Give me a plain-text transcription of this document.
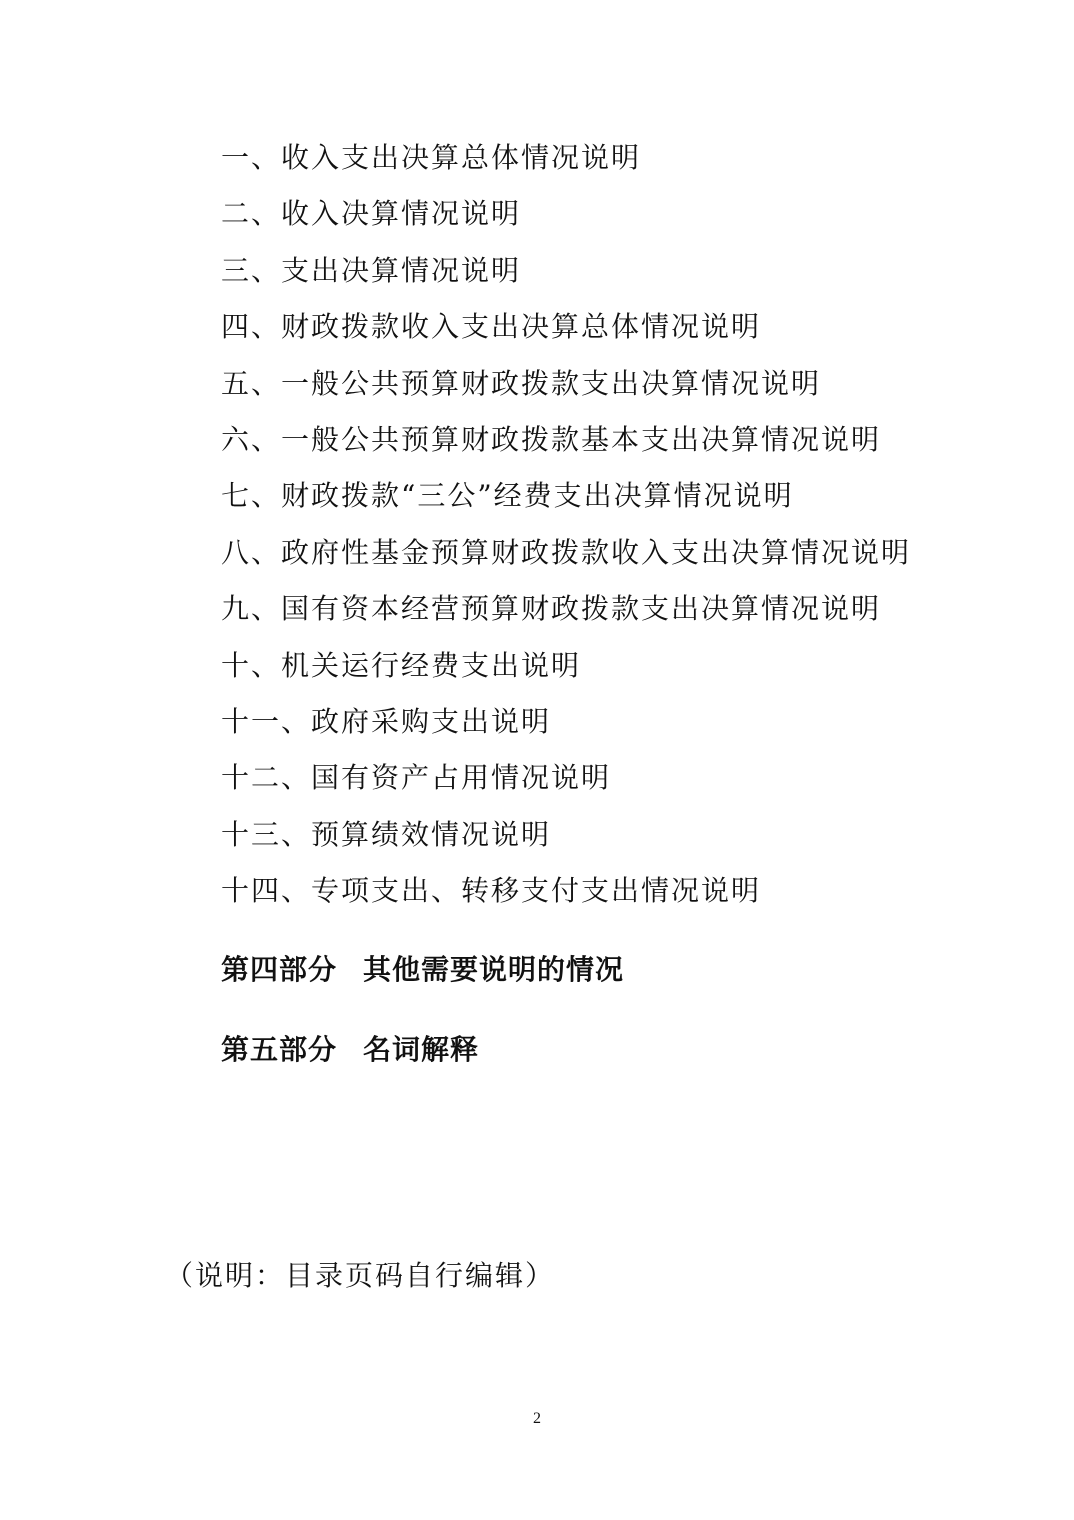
一、收入支出决算总体情况说明
二、收入决算情况说明
三、支出决算情况说明
四、财政拨款收入支出决算总体情况说明
五、一般公共预算财政拨款支出决算情况说明
六、一般公共预算财政拨款基本支出决算情况说明
七、财政拨款“三公”经费支出决算情况说明
八、政府性基金预算财政拨款收入支出决算情况说明
九、国有资本经营预算财政拨款支出决算情况说明
十、机关运行经费支出说明
十一、政府采购支出说明
十二、国有资产占用情况说明
十三、预算绩效情况说明
十四、专项支出、转移支付支出情况说明
第四部分 其他需要说明的情况
第五部分 名词解释
（说明：目录页码自行编辑）
2
